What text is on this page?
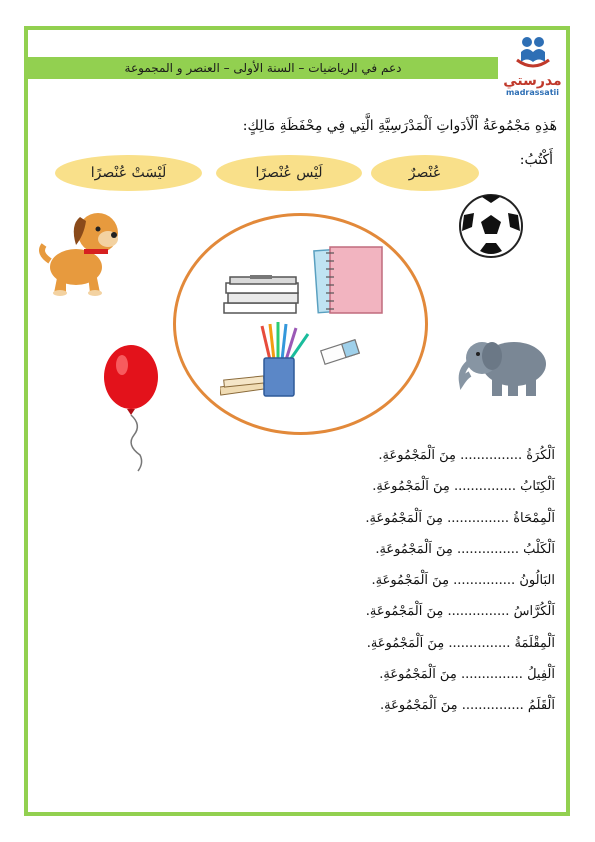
دعم في الرياضيات – السنة الأولى – العنصر و المجموعة
مدرستي
madrassatii
هَذِهِ مَجْمُوعَةُ اْلْأدَواتِ اَلْمَدْرَسِيَّةِ الَّتِي فِي مِحْفَظَةِ مَالِكٍ:
أَكْتُبُ:
عُنْصرٌ
لَيْس عُنْصرًا
لَيْسَتْ عُنْصرًا
اَلْكُرَةُ ............... مِنَ اَلْمَجْمُوعَةِ.
اَلْكِتَابُ ............... مِنَ اَلْمَجْمُوعَةِ.
اَلْمِمْحَاةُ ............... مِنَ اَلْمَجْمُوعَةِ.
اَلْكَلْبُ ............... مِنَ اَلْمَجْمُوعَةِ.
البَالُونُ ............... مِنَ اَلْمَجْمُوعَةِ.
اَلْكُرَّاسُ ............... مِنَ اَلْمَجْمُوعَةِ.
اَلْمِقْلَمَةُ ............... مِنَ اَلْمَجْمُوعَةِ.
اَلْفِيلُ ............... مِنَ اَلْمَجْمُوعَةِ.
اَلْقَلَمُ ............... مِنَ اَلْمَجْمُوعَةِ.
